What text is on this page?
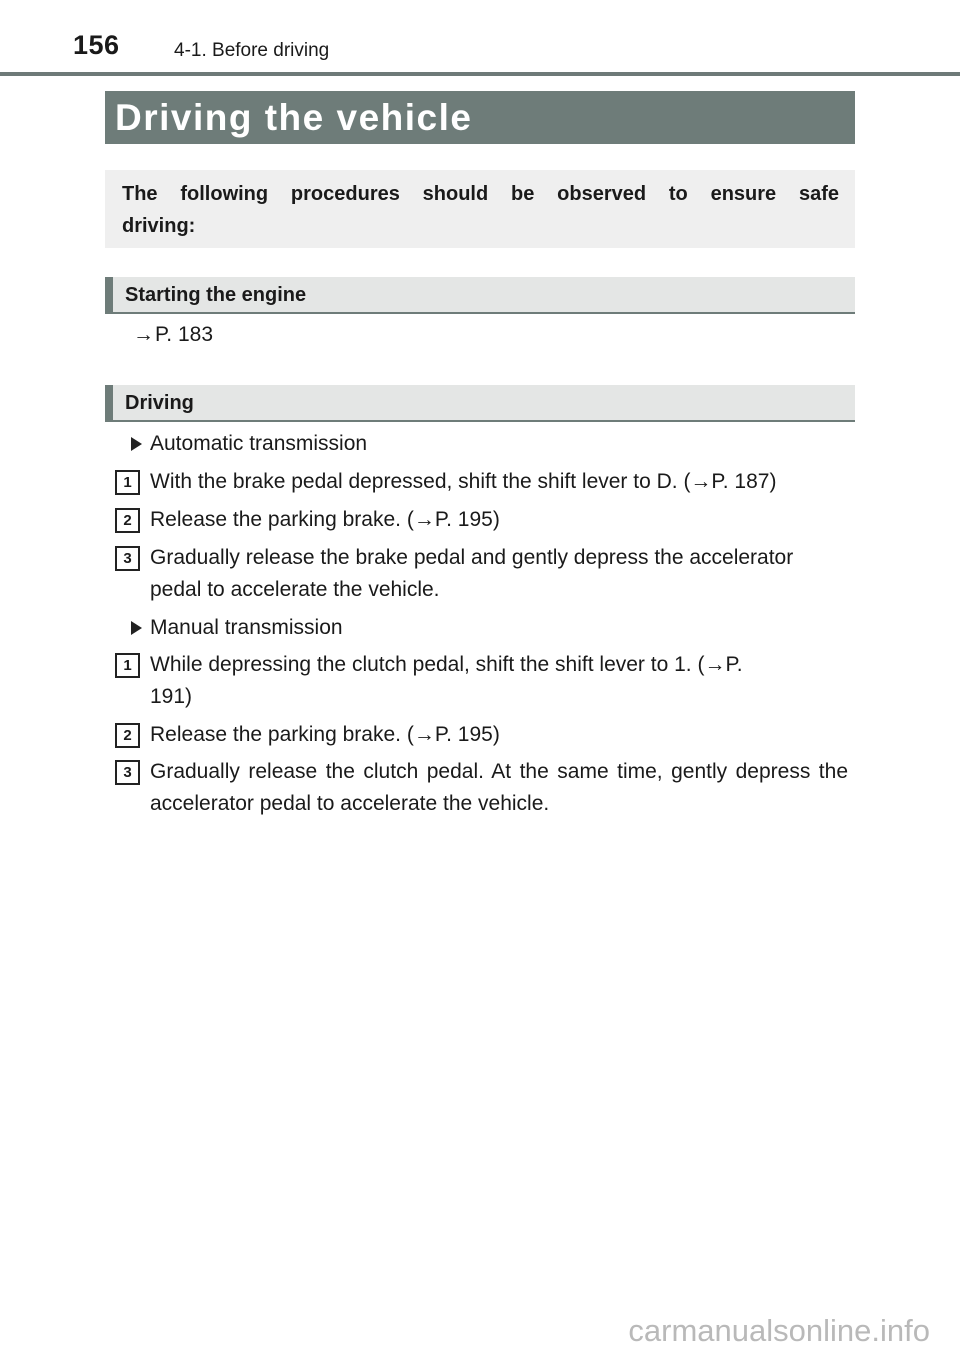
156	4-1. Before driving
Driving the vehicle
The following procedures should be observed to ensure safe driving:
Starting the engine
→P. 183
Driving
Automatic transmission
1 With the brake pedal depressed, shift the shift lever to D. (→P. 187)
2 Release the parking brake. (→P. 195)
3 Gradually release the brake pedal and gently depress the accelerator pedal to accelerate the vehicle.
Manual transmission
1 While depressing the clutch pedal, shift the shift lever to 1. (→P. 191)
2 Release the parking brake. (→P. 195)
3 Gradually release the clutch pedal. At the same time, gently depress the accelerator pedal to accelerate the vehicle.
carmanualsonline.info
